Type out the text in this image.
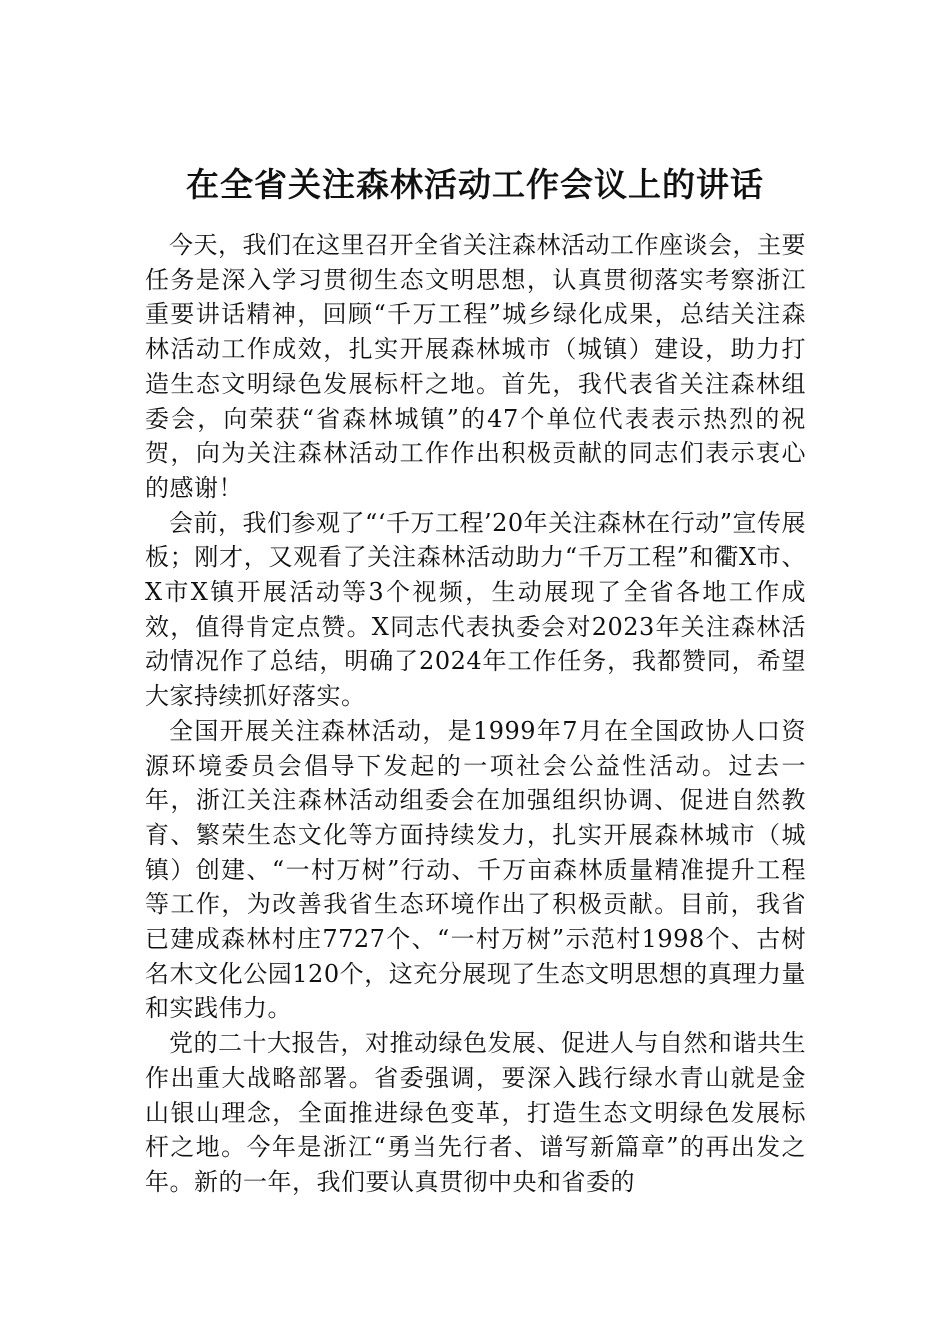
在全省关注森林活动工作会议上的讲话

今天，我们在这里召开全省关注森林活动工作座谈会，主要任务是深入学习贯彻生态文明思想，认真贯彻落实考察浙江重要讲话精神，回顾“千万工程”城乡绿化成果，总结关注森林活动工作成效，扎实开展森林城市（城镇）建设，助力打造生态文明绿色发展标杆之地。首先，我代表省关注森林组委会，向荣获“省森林城镇”的47个单位代表表示热烈的祝贺，向为关注森林活动工作作出积极贡献的同志们表示衷心的感谢！

会前，我们参观了“‘千万工程’20年关注森林在行动”宣传展板；刚才，又观看了关注森林活动助力“千万工程”和衢X市、X市X镇开展活动等3个视频，生动展现了全省各地工作成效，值得肯定点赞。X同志代表执委会对2023年关注森林活动情况作了总结，明确了2024年工作任务，我都赞同，希望大家持续抓好落实。

全国开展关注森林活动，是1999年7月在全国政协人口资源环境委员会倡导下发起的一项社会公益性活动。过去一年，浙江关注森林活动组委会在加强组织协调、促进自然教育、繁荣生态文化等方面持续发力，扎实开展森林城市（城镇）创建、“一村万树”行动、千万亩森林质量精准提升工程等工作，为改善我省生态环境作出了积极贡献。目前，我省已建成森林村庄7727个、“一村万树”示范村1998个、古树名木文化公园120个，这充分展现了生态文明思想的真理力量和实践伟力。

党的二十大报告，对推动绿色发展、促进人与自然和谐共生作出重大战略部署。省委强调，要深入践行绿水青山就是金山银山理念，全面推进绿色变革，打造生态文明绿色发展标杆之地。今年是浙江“勇当先行者、谱写新篇章”的再出发之年。新的一年，我们要认真贯彻中央和省委的
